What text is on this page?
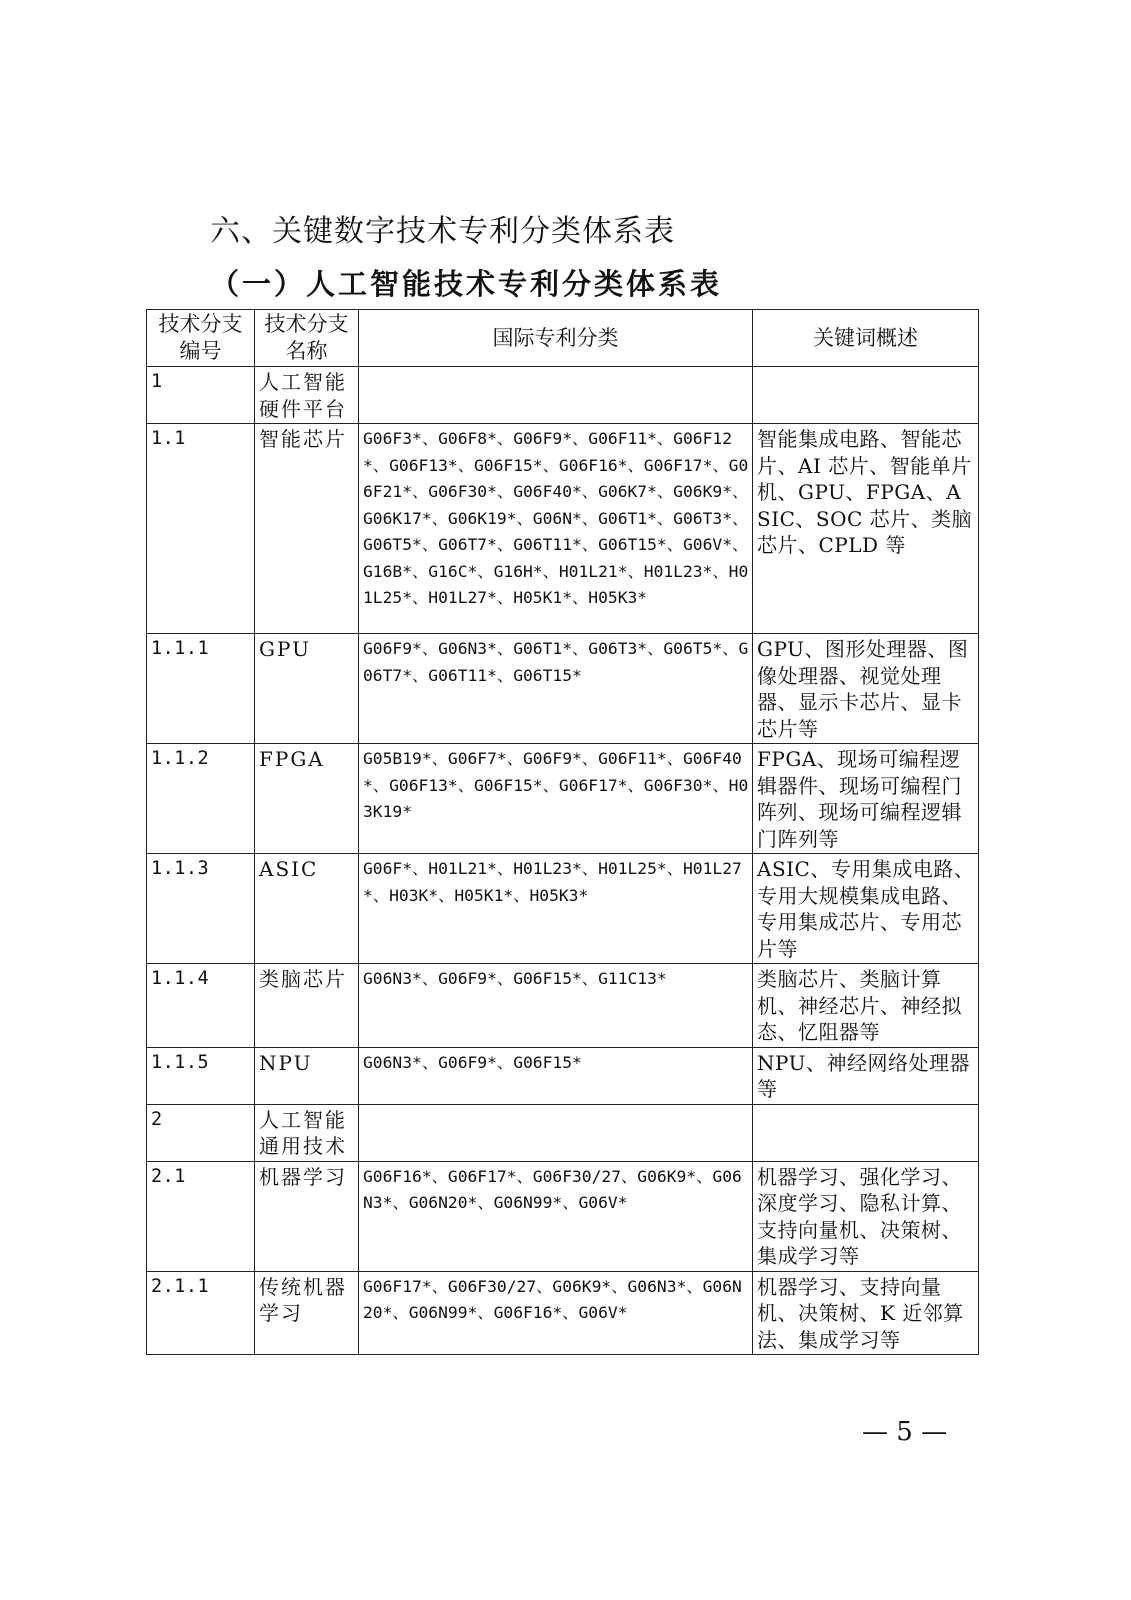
六、关键数字技术专利分类体系表
（一）人工智能技术专利分类体系表
技术分支编号	技术分支名称	国际专利分类	关键词概述
1	人工智能硬件平台		
1.1	智能芯片	G06F3*、G06F8*、G06F9*、G06F11*、G06F12*、G06F13*、G06F15*、G06F16*、G06F17*、G06F21*、G06F30*、G06F40*、G06K7*、G06K9*、G06K17*、G06K19*、G06N*、G06T1*、G06T3*、G06T5*、G06T7*、G06T11*、G06T15*、G06V*、G16B*、G16C*、G16H*、H01L21*、H01L23*、H01L25*、H01L27*、H05K1*、H05K3*	智能集成电路、智能芯片、AI 芯片、智能单片机、GPU、FPGA、ASIC、SOC 芯片、类脑芯片、CPLD 等
1.1.1	GPU	G06F9*、G06N3*、G06T1*、G06T3*、G06T5*、G06T7*、G06T11*、G06T15*	GPU、图形处理器、图像处理器、视觉处理器、显示卡芯片、显卡芯片等
1.1.2	FPGA	G05B19*、G06F7*、G06F9*、G06F11*、G06F40*、G06F13*、G06F15*、G06F17*、G06F30*、H03K19*	FPGA、现场可编程逻辑器件、现场可编程门阵列、现场可编程逻辑门阵列等
1.1.3	ASIC	G06F*、H01L21*、H01L23*、H01L25*、H01L27*、H03K*、H05K1*、H05K3*	ASIC、专用集成电路、专用大规模集成电路、专用集成芯片、专用芯片等
1.1.4	类脑芯片	G06N3*、G06F9*、G06F15*、G11C13*	类脑芯片、类脑计算机、神经芯片、神经拟态、忆阻器等
1.1.5	NPU	G06N3*、G06F9*、G06F15*	NPU、神经网络处理器等
2	人工智能通用技术		
2.1	机器学习	G06F16*、G06F17*、G06F30/27、G06K9*、G06N3*、G06N20*、G06N99*、G06V*	机器学习、强化学习、深度学习、隐私计算、支持向量机、决策树、集成学习等
2.1.1	传统机器学习	G06F17*、G06F30/27、G06K9*、G06N3*、G06N20*、G06N99*、G06F16*、G06V*	机器学习、支持向量机、决策树、K 近邻算法、集成学习等
— 5 —
